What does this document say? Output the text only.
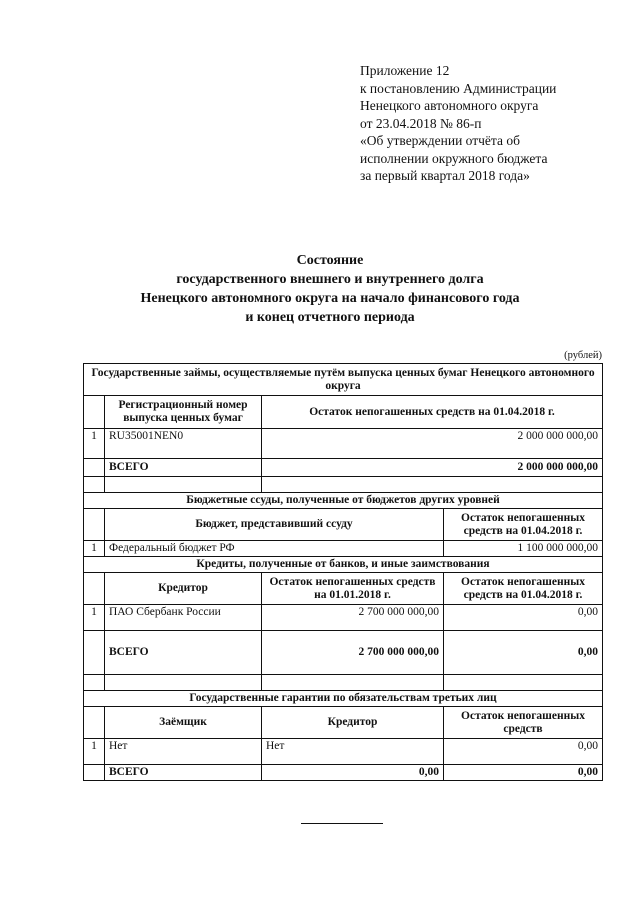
Приложение 12
к постановлению Администрации
Ненецкого автономного округа
от 23.04.2018 № 86-п
«Об утверждении отчёта об
исполнении окружного бюджета
за первый квартал 2018 года»
Состояние
государственного внешнего и внутреннего долга
Ненецкого автономного округа на начало финансового года
и конец отчетного периода
(рублей)
Государственные займы, осуществляемые путём выпуска ценных бумаг Ненецкого автономного округа			
	Регистрационный номер выпуска ценных бумаг	Остаток непогашенных средств на 01.04.2018 г.	
1	RU35001NEN0	2 000 000 000,00	
	ВСЕГО	2 000 000 000,00	

Бюджетные ссуды, полученные от бюджетов других уровней			
	Бюджет, представивший ссуду		Остаток непогашенных средств на 01.04.2018 г.
1	Федеральный бюджет РФ		1 100 000 000,00
Кредиты, полученные от банков, и иные заимствования			
	Кредитор	Остаток непогашенных средств на 01.01.2018 г.	Остаток непогашенных средств на 01.04.2018 г.
1	ПАО Сбербанк России	2 700 000 000,00	0,00
	ВСЕГО	2 700 000 000,00	0,00

Государственные гарантии по обязательствам третьих лиц			
	Заёмщик	Кредитор	Остаток непогашенных средств
1	Нет	Нет	0,00
	ВСЕГО	0,00	0,00
